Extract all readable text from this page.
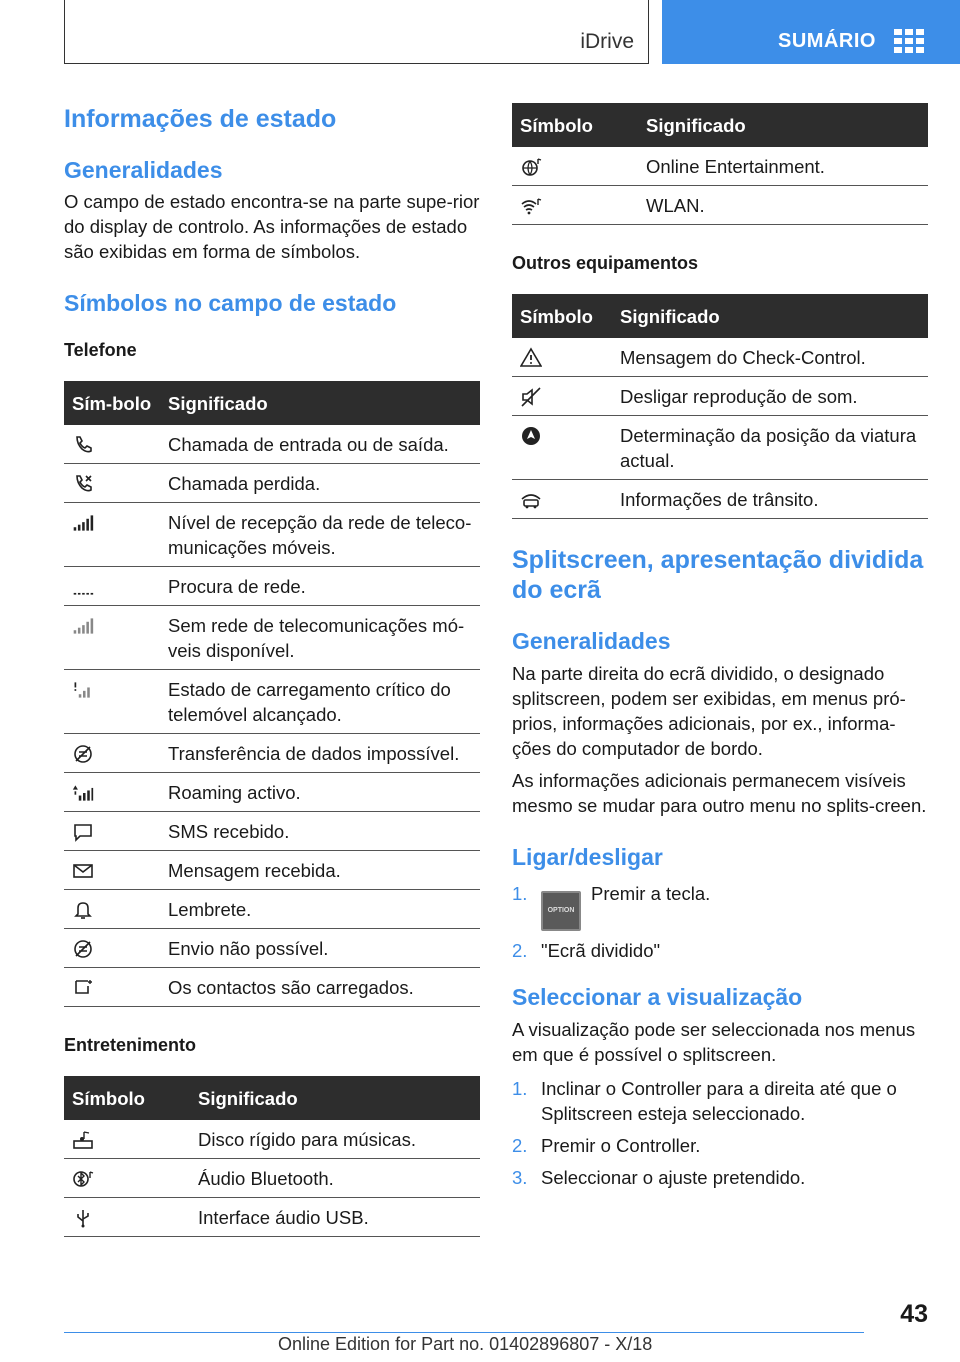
iDrive	SUMÁRIO
Informações de estado
Generalidades

O campo de estado encontra-se na parte supe-rior do display de controlo. As informações de estado são exibidas em forma de símbolos.

Símbolos no campo de estado
Telefone
Sím-bolo	Significado

	Chamada de entrada ou de saída.

	Chamada perdida.

	Nível de recepção da rede de teleco-municações móveis.

	Procura de rede.

	Sem rede de telecomunicações mó-veis disponível.

	Estado de carregamento crítico do telemóvel alcançado.

	Transferência de dados impossível.

	Roaming activo.

	SMS recebido.

	Mensagem recebida.

	Lembrete.

	Envio não possível.

	Os contactos são carregados.
Entretenimento
Símbolo	Significado

	Disco rígido para músicas.

	Áudio Bluetooth.

	Interface áudio USB.
Símbolo	Significado

	Online Entertainment.

	WLAN.
Outros equipamentos
Símbolo	Significado

	Mensagem do Check-Control.

	Desligar reprodução de som.

	Determinação da posição da viatura actual.

	Informações de trânsito.
Splitscreen, apresentação dividida do ecrã
Generalidades

Na parte direita do ecrã dividido, o designado splitscreen, podem ser exibidas, em menus pró-prios, informações adicionais, por ex., informa-ções do computador de bordo.

As informações adicionais permanecem visíveis mesmo se mudar para outro menu no splits-creen.

Ligar/desligar
1.
OPTIONPremir a tecla.
2. "Ecrã dividido"
Seleccionar a visualização

A visualização pode ser seleccionada nos menus em que é possível o splitscreen.

1. Inclinar o Controller para a direita até que o Splitscreen esteja seleccionado.
2. Premir o Controller.
3. Seleccionar o ajuste pretendido.
43
Online Edition for Part no. 01402896807 - X/18
